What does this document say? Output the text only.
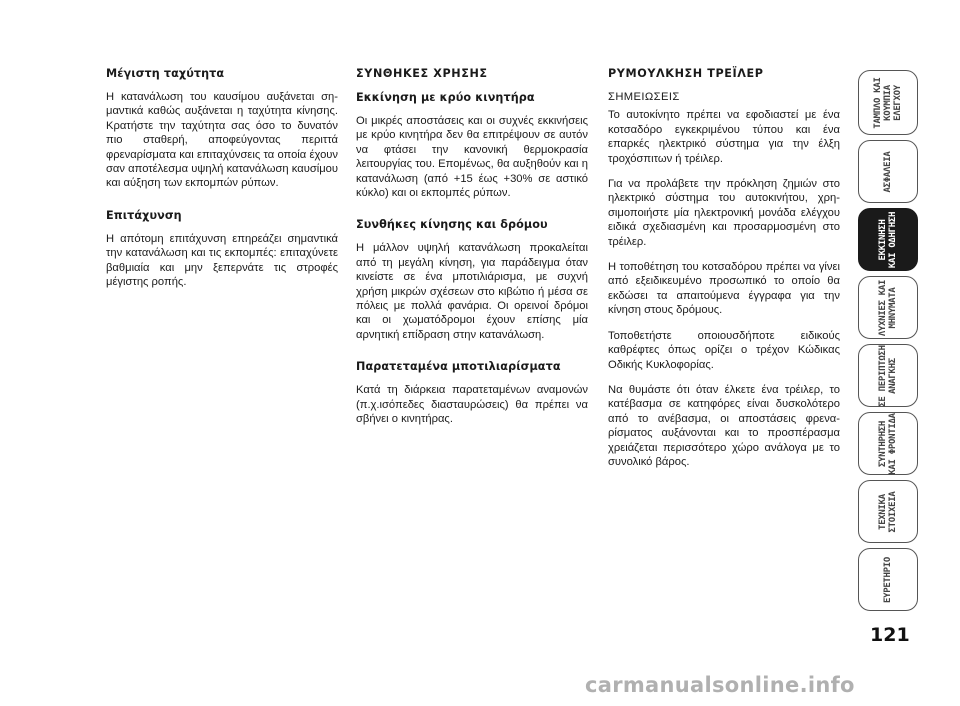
Μέγιστη ταχύτητα

Η κατανάλωση του καυσίμου αυξάνεται σημαντικά καθώς αυξάνεται η ταχύτητα κίνησης. Κρατήστε την ταχύτητα σας όσο το δυνατόν πιο σταθερή, αποφεύγοντας περιττά φρεναρίσματα και επιταχύνσεις τα οποία έχουν σαν αποτέλεσμα υψηλή κατανάλωση καυσίμου και αύξηση των εκπομπών ρύπων.

Επιτάχυνση

Η απότομη επιτάχυνση επηρεάζει σημαντικά την κατανάλωση και τις εκπομπές: επιταχύνετε βαθμιαία και μην ξεπερνάτε τις στροφές μέγιστης ροπής.

ΣΥΝΘΗΚΕΣ ΧΡΗΣΗΣ
Εκκίνηση με κρύο κινητήρα

Οι μικρές αποστάσεις και οι συχνές εκκινήσεις με κρύο κινητήρα δεν θα επιτρέψουν σε αυτόν να φτάσει την κανονική θερμοκρασία λειτουργίας του. Επομένως, θα αυξηθούν και η κατανάλωση (από +15 έως +30% σε αστικό κύκλο) και οι εκπομπές ρύπων.

Συνθήκες κίνησης και δρόμου

Η μάλλον υψηλή κατανάλωση προκαλείται από τη μεγάλη κίνηση, για παράδειγμα όταν κινείστε σε ένα μποτιλιάρισμα, με συχνή χρήση μικρών σχέσεων στο κιβώτιο ή μέσα σε πόλεις με πολλά φανάρια. Οι ορεινοί δρόμοι και οι χωματόδρομοι έχουν επίσης μία αρνητική επίδραση στην κατανάλωση.

Παρατεταμένα μποτιλιαρίσματα

Κατά τη διάρκεια παρατεταμένων αναμονών (π.χ.ισόπεδες διασταυρώσεις) θα πρέπει να σβήνει ο κινητήρας.

ΡΥΜΟΥΛΚΗΣΗ ΤΡΕΪΛΕΡ

ΣΗΜΕΙΩΣΕΙΣ

Το αυτοκίνητο πρέπει να εφοδιαστεί με ένα κοτσαδόρο εγκεκριμένου τύπου και ένα επαρκές ηλεκτρικό σύστημα για την έλξη τροχόσπιτων ή τρέιλερ.

Για να προλάβετε την πρόκληση ζημιών στο ηλεκτρικό σύστημα του αυτοκινήτου, χρησιμοποιήστε μία ηλεκτρονική μονάδα ελέγχου ειδικά σχεδιασμένη και προσαρμοσμένη στο τρέιλερ.

Η τοποθέτηση του κοτσαδόρου πρέπει να γίνει από εξειδικευμένο προσωπικό το οποίο θα εκδώσει τα απαιτούμενα έγγραφα για την κίνηση στους δρόμους.

Τοποθετήστε οποιουσδήποτε ειδικούς καθρέφτες όπως ορίζει ο τρέχον Κώδικας Οδικής Κυκλοφορίας.

Να θυμάστε ότι όταν έλκετε ένα τρέιλερ, το κατέβασμα σε κατηφόρες είναι δυσκολότερο από το ανέβασμα, οι αποστάσεις φρεναρίσματος αυξάνονται και το προσπέρασμα χρειάζεται περισσότερο χώρο ανάλογα με το συνολικό βάρος.

ΤΑΜΠΛΟ ΚΑΙ
ΚΟΥΜΠΙΑ
ΕΛΕΓΧΟΥ
ΑΣΦΑΛΕΙΑ
ΕΚΚΙΝΗΣΗ
ΚΑΙ ΟΔΗΓΗΣΗ
ΛΥΧΝΙΕΣ ΚΑΙ
ΜΗΝΥΜΑΤΑ
ΣΕ ΠΕΡΙΠΤΩΣΗ
ΑΝΑΓΚΗΣ
ΣΥΝΤΗΡΗΣΗ
ΚΑΙ ΦΡΟΝΤΙΔΑ
ΤΕΧΝΙΚΑ
ΣΤΟΙΧΕΙΑ
ΕΥΡΕΤΗΡΙΟ
121
carmanualsonline.info
